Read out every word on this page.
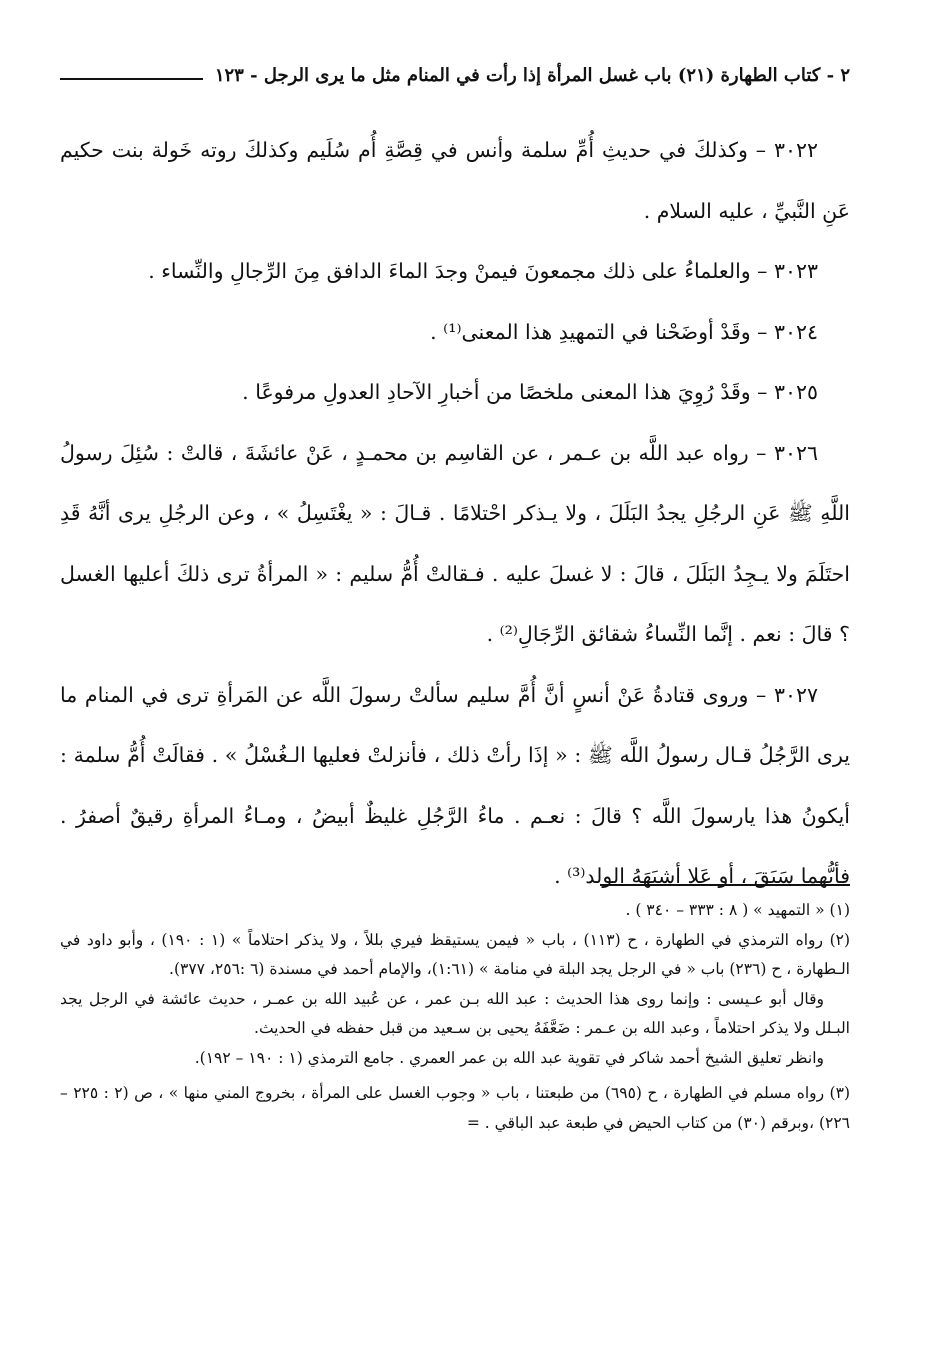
٢ - كتاب الطهارة (٢١) باب غسل المرأة إذا رأت في المنام مثل ما يرى الرجل - ١٢٣

٣٠٢٢ – وكذلكَ في حديثِ أُمِّ سلمة وأنس في قِصَّةِ أُم سُلَيم وكذلكَ روته خَولة بنت حكيم عَنِ النَّبيِّ ، عليه السلام .

٣٠٢٣ – والعلماءُ على ذلك مجمعونَ فيمنْ وجدَ الماءَ الدافق مِنَ الرِّجالِ والنِّساء .

٣٠٢٤ – وقَدْ أوضَحْنا في التمهيدِ هذا المعنى⁽¹⁾ .

٣٠٢٥ – وقَدْ رُوِيَ هذا المعنى ملخصًا من أخبارِ الآحادِ العدولِ مرفوعًا .

٣٠٢٦ – رواه عبد اللَّه بن عـمر ، عن القاسِم بن محمـدٍ ، عَنْ عائشَةَ ، قالتْ : سُئِلَ رسولُ اللَّهِ ﷺ عَنِ الرجُلِ يجدُ البَلَلَ ، ولا يـذكر احْتلامًا . قـالَ : « يغْتَسِلُ » ، وعن الرجُلِ يرى أنَّهُ قَدِ احتَلَمَ ولا يـجِدُ البَلَلَ ، قالَ : لا غسلَ عليه . فـقالتْ أُمُّ سليم : « المرأةُ ترى ذلكَ أعليها الغسل ؟ قالَ : نعم . إنَّما النِّساءُ شقائق الرِّجَالِ⁽²⁾ .

٣٠٢٧ – وروى قتادةُ عَنْ أنسٍ أنَّ أُمَّ سليم سألتْ رسولَ اللَّه عن المَرأةِ ترى في المنام ما يرى الرَّجُلُ قـال رسولُ اللَّه ﷺ : « إذَا رأتْ ذلك ، فأنزلتْ فعليها الـغُسْلُ » . فقالَتْ أُمُّ سلمة : أيكونُ هذا يارسولَ اللَّه ؟ قالَ : نعـم . ماءُ الرَّجُلِ غليظٌ أبيضُ ، ومـاءُ المرأةِ رقيقٌ أصفرُ . فأيُّهما سَبَقَ ، أو عَلا أشبَهَهُ الولد⁽³⁾ .

(١) « التمهيد » ( ٨ : ٣٣٣ – ٣٤٠ ) .

(٢) رواه الترمذي في الطهارة ، ح (١١٣) ، باب « فيمن يستيقظ فيري بللاً ، ولا يذكر احتلاماً » (١ : ١٩٠) ، وأبو داود في الـطهارة ، ح (٢٣٦) باب « في الرجل يجد البلة في منامة » (١:٦١)، والإمام أحمد في مسندة (٦ :٢٥٦، ٣٧٧).

وقال أبو عـيسى : وإنما روى هذا الحديث : عبد الله بـن عمر ، عن عُبيد الله بن عمـر ، حديث عائشة في الرجل يجد البـلل ولا يذكر احتلاماً ، وعبد الله بن عـمر : ضَعَّفَهُ يحيى بن سـعيد من قبل حفظه في الحديث.

وانظر تعليق الشيخ أحمد شاكر في تقوية عبد الله بن عمر العمري . جامع الترمذي (١ : ١٩٠ – ١٩٢).

(٣) رواه مسلم في الطهارة ، ح (٦٩٥) من طبعتنا ، باب « وجوب الغسل على المرأة ، بخروج المني منها » ، ص (٢ : ٢٢٥ – ٢٢٦) ،وبرقم (٣٠) من كتاب الحيض في طبعة عبد الباقي . =
